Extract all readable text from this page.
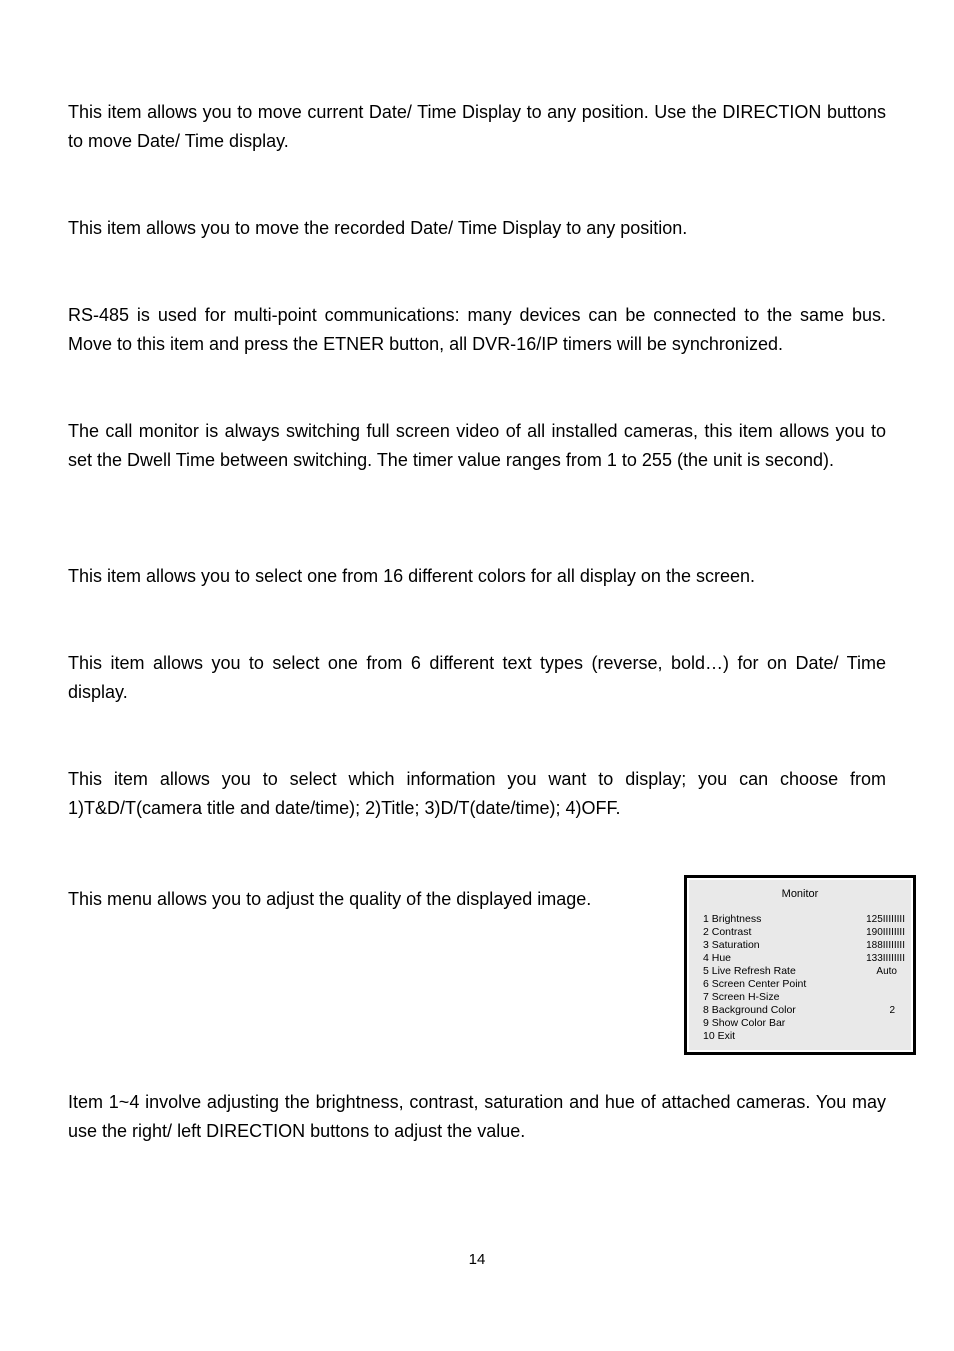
This item allows you to move current Date/ Time Display to any position. Use the DIRECTION buttons to move Date/ Time display.

This item allows you to move the recorded Date/ Time Display to any position.

RS-485 is used for multi-point communications: many devices can be connected to the same bus. Move to this item and press the ETNER button, all DVR-16/IP timers will be synchronized.

The call monitor is always switching full screen video of all installed cameras, this item allows you to set the Dwell Time between switching. The timer value ranges from 1 to 255 (the unit is second).

This item allows you to select one from 16 different colors for all display on the screen.

This item allows you to select one from 6 different text types (reverse, bold…) for on Date/ Time display.

This item allows you to select which information you want to display; you can choose from 1)T&D/T(camera title and date/time); 2)Title; 3)D/T(date/time); 4)OFF.

This menu allows you to adjust the quality of the displayed image.	Monitor
1 Brightness	125IIIIIIII
2 Contrast	190IIIIIIII
3 Saturation	188IIIIIIII
4 Hue	133IIIIIIII
5 Live Refresh Rate	Auto
6 Screen Center Point
7 Screen H-Size
8 Background Color	2
9 Show Color Bar
10 Exit

Item 1~4 involve adjusting the brightness, contrast, saturation and hue of attached cameras. You may use the right/ left DIRECTION buttons to adjust the value.

14
